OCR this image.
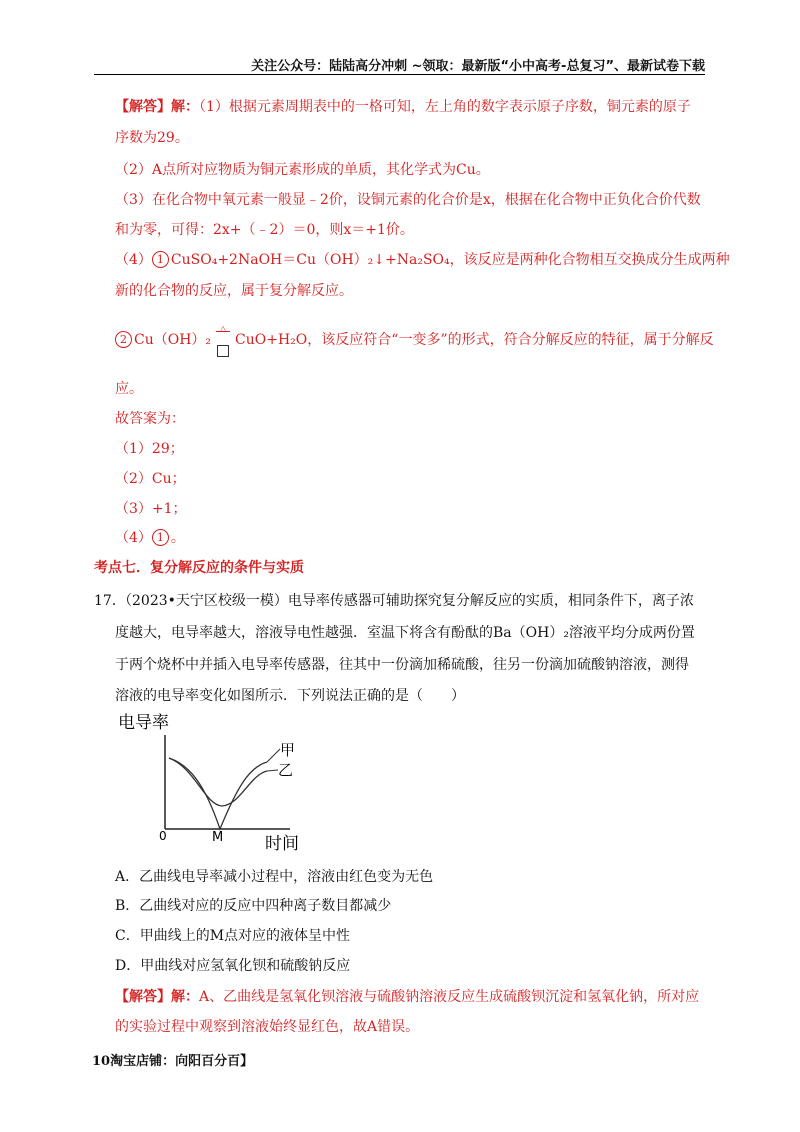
关注公众号：陆陆高分冲刺 ~领取：最新版“小中高考-总复习”、最新试卷下载
【解答】解：（1）根据元素周期表中的一格可知，左上角的数字表示原子序数，铜元素的原子
序数为29。
（2）A点所对应物质为铜元素形成的单质，其化学式为Cu。
（3）在化合物中氧元素一般显﹣2价，设铜元素的化合价是x，根据在化合物中正负化合价代数
和为零，可得：2x+（﹣2）＝0，则x＝+1价。
（4） 1 CuSO₄+2NaOH＝Cu（OH）₂↓+Na₂SO₄，该反应是两种化合物相互交换成分生成两种
新的化合物的反应，属于复分解反应。
2 Cu（OH）₂
△
CuO+H₂O，该反应符合“一变多”的形式，符合分解反应的特征，属于分解反
应。
故答案为：
（1）29；
（2）Cu；
（3）+1；
（4） 1 。
考点七．复分解反应的条件与实质
17．（2023•天宁区校级一模）电导率传感器可辅助探究复分解反应的实质，相同条件下，离子浓
度越大，电导率越大，溶液导电性越强．室温下将含有酚酞的Ba（OH）₂溶液平均分成两份置
于两个烧杯中并插入电导率传感器，往其中一份滴加稀硫酸，往另一份滴加硫酸钠溶液，测得
溶液的电导率变化如图所示．下列说法正确的是（　　）
电导率
甲
乙
0	M 时间
A．乙曲线电导率减小过程中，溶液由红色变为无色
B．乙曲线对应的反应中四种离子数目都减少
C．甲曲线上的M点对应的液体呈中性
D．甲曲线对应氢氧化钡和硫酸钠反应
【解答】解：A、乙曲线是氢氧化钡溶液与硫酸钠溶液反应生成硫酸钡沉淀和氢氧化钠，所对应
的实验过程中观察到溶液始终显红色，故A错误。
10淘宝店铺：向阳百分百】
